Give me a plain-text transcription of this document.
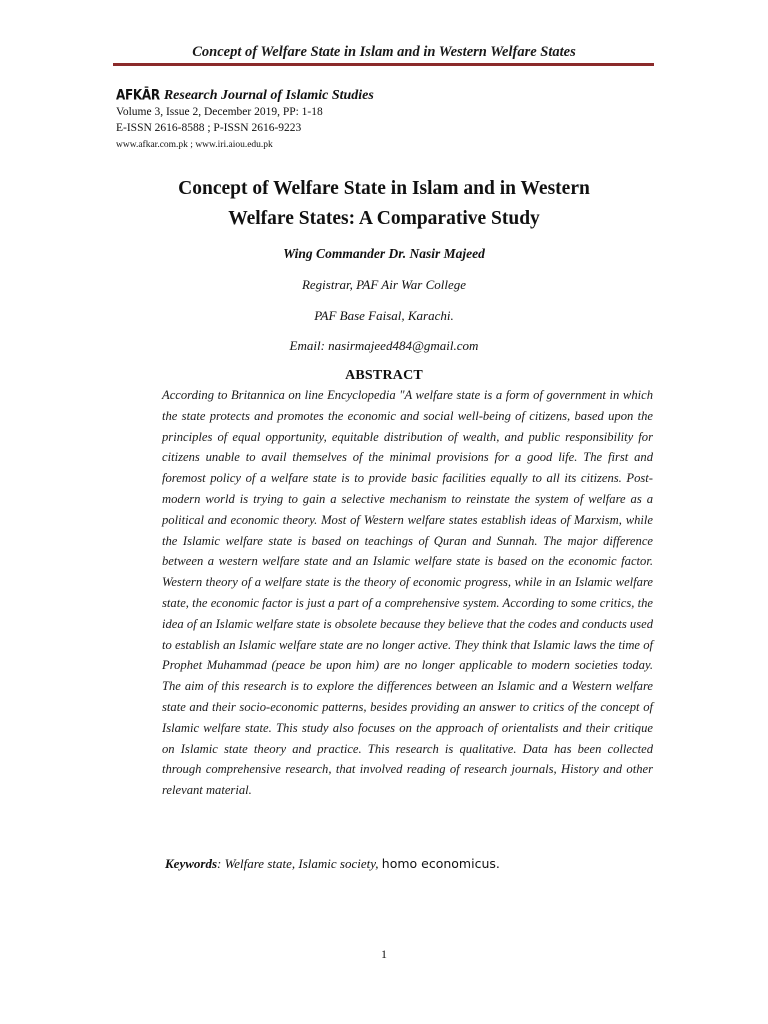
Concept of Welfare State in Islam and in Western Welfare States
AFKĀR Research Journal of Islamic Studies
Volume 3, Issue 2, December 2019, PP: 1-18
E-ISSN 2616-8588 ; P-ISSN 2616-9223
www.afkar.com.pk ; www.iri.aiou.edu.pk
Concept of Welfare State in Islam and in Western
Welfare States: A Comparative Study
Wing Commander Dr. Nasir Majeed
Registrar, PAF Air War College
PAF Base Faisal, Karachi.
Email: nasirmajeed484@gmail.com
ABSTRACT
According to Britannica on line Encyclopedia "A welfare state is a form of government in which the state protects and promotes the economic and social well-being of citizens, based upon the principles of equal opportunity, equitable distribution of wealth, and public responsibility for citizens unable to avail themselves of the minimal provisions for a good life. The first and foremost policy of a welfare state is to provide basic facilities equally to all its citizens. Post-modern world is trying to gain a selective mechanism to reinstate the system of welfare as a political and economic theory. Most of Western welfare states establish ideas of Marxism, while the Islamic welfare state is based on teachings of Quran and Sunnah. The major difference between a western welfare state and an Islamic welfare state is based on the economic factor. Western theory of a welfare state is the theory of economic progress, while in an Islamic welfare state, the economic factor is just a part of a comprehensive system. According to some critics, the idea of an Islamic welfare state is obsolete because they believe that the codes and conducts used to establish an Islamic welfare state are no longer active. They think that Islamic laws the time of Prophet Muhammad (peace be upon him) are no longer applicable to modern societies today. The aim of this research is to explore the differences between an Islamic and a Western welfare state and their socio-economic patterns, besides providing an answer to critics of the concept of Islamic welfare state. This study also focuses on the approach of orientalists and their critique on Islamic state theory and practice. This research is qualitative. Data has been collected through comprehensive research, that involved reading of research journals, History and other relevant material.
Keywords: Welfare state, Islamic society, homo economicus.
1
